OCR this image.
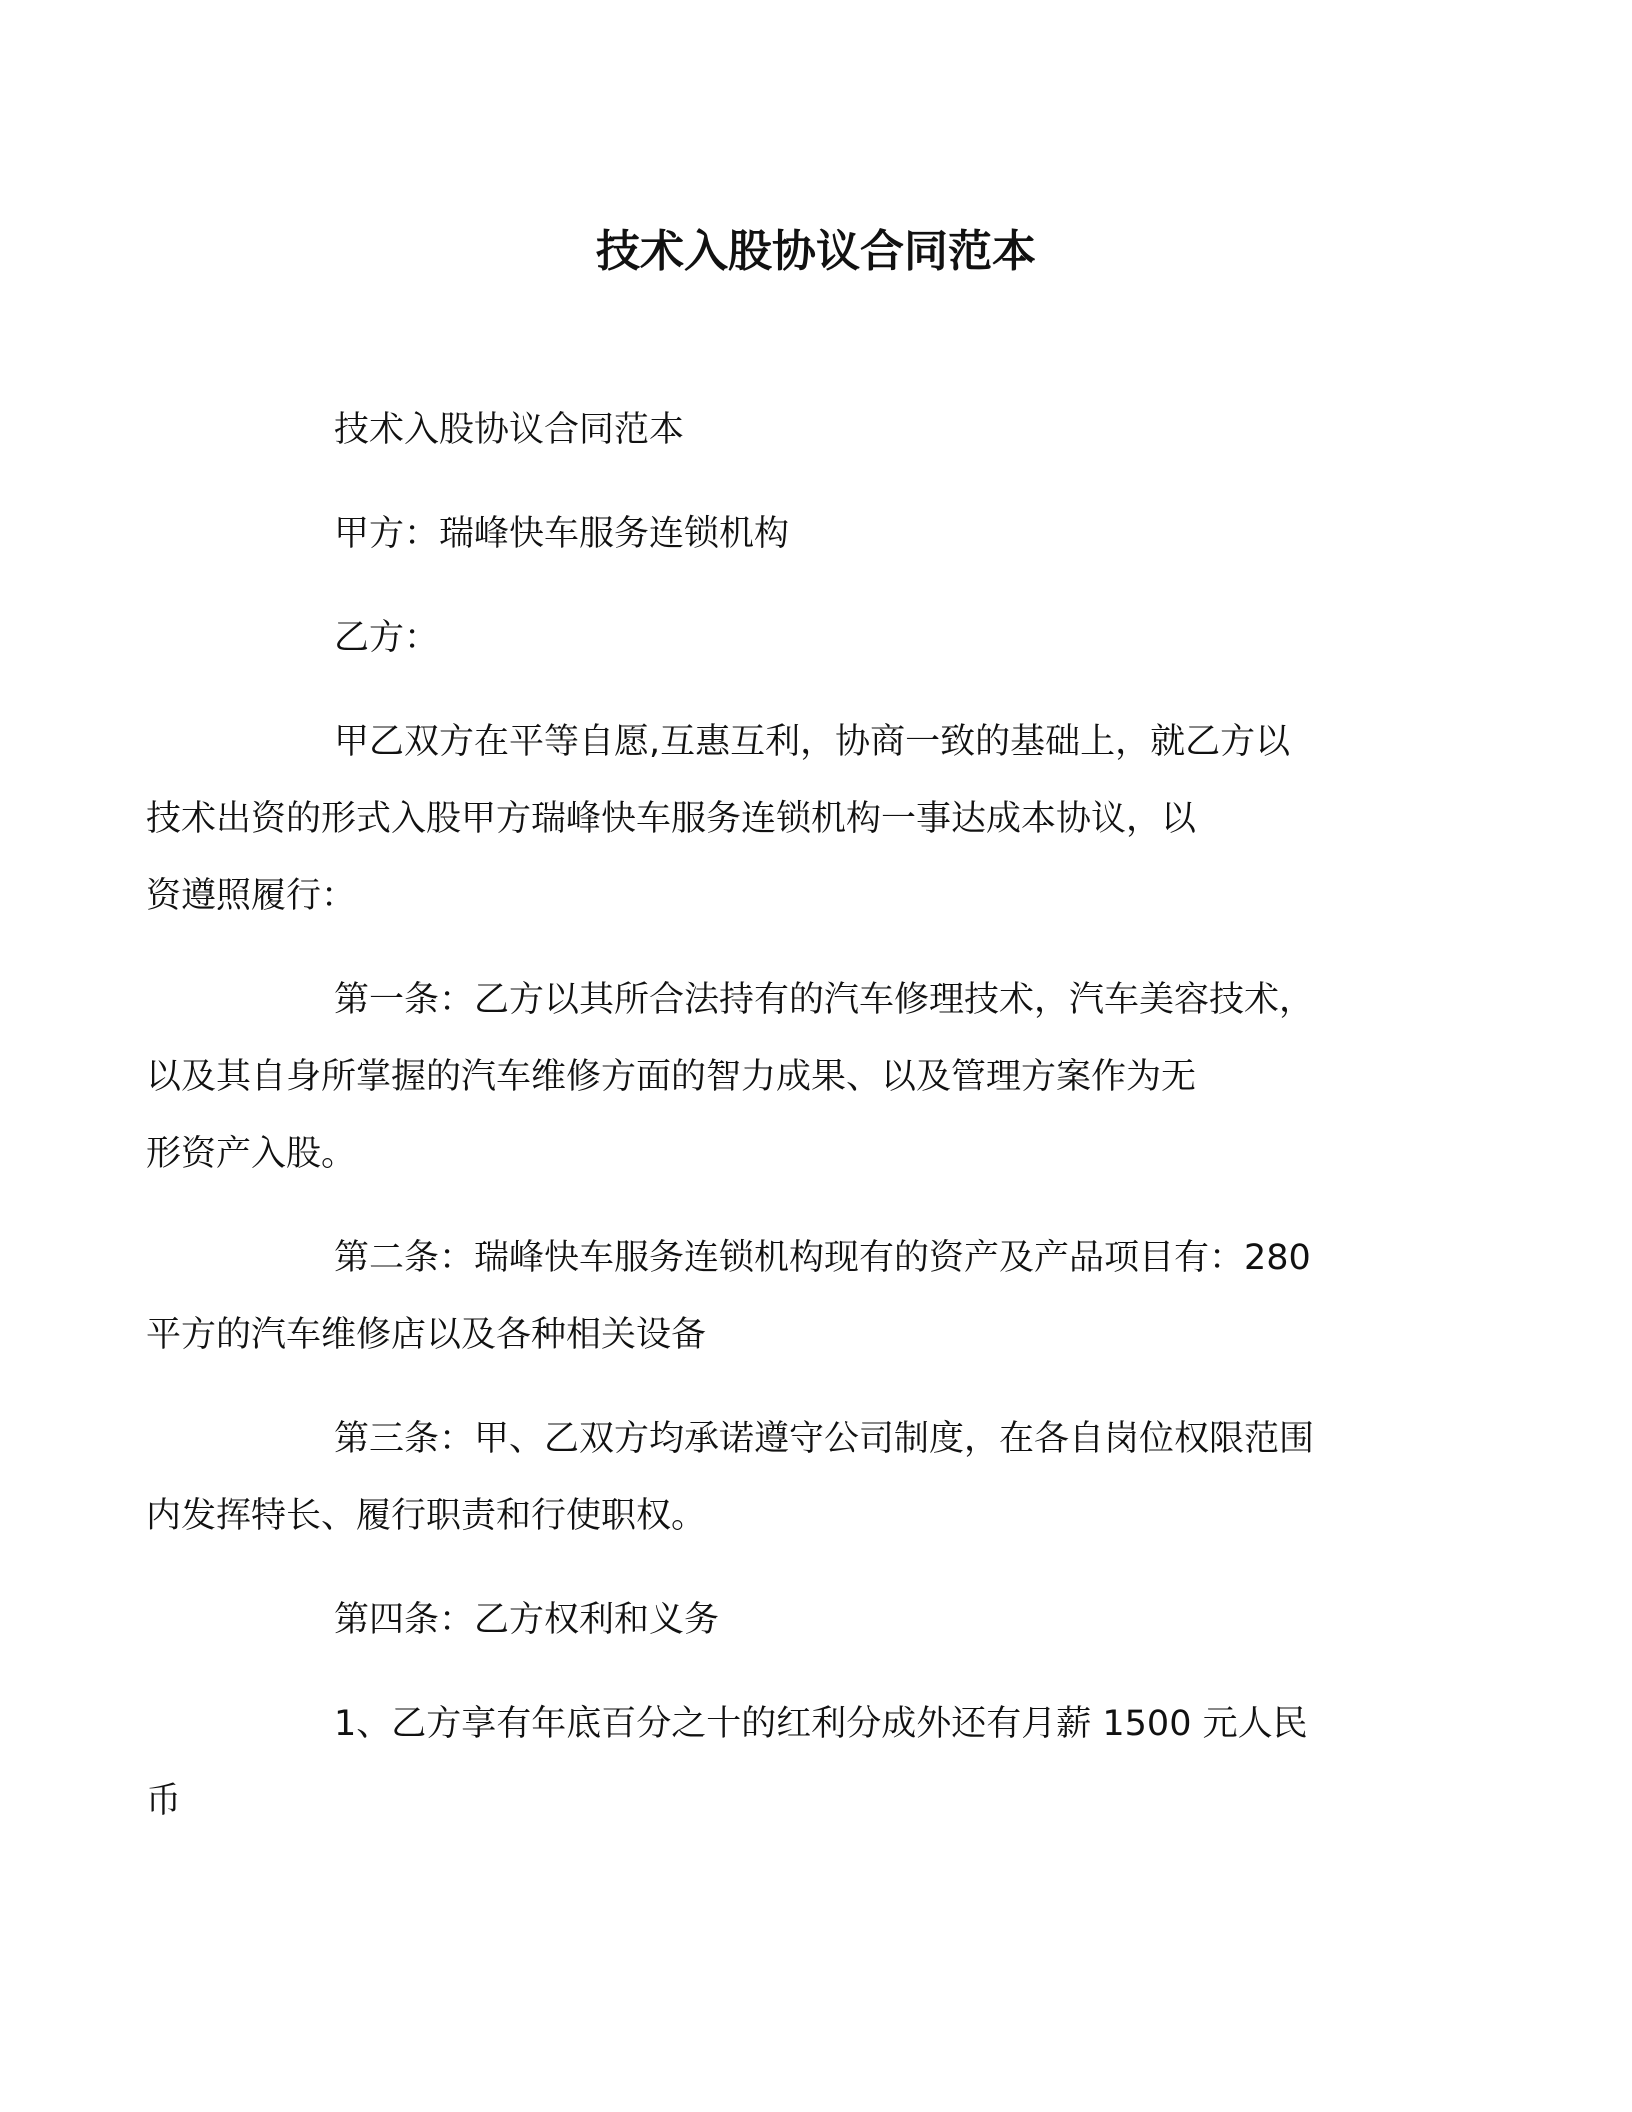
技术入股协议合同范本
技术入股协议合同范本
甲方：瑞峰快车服务连锁机构
乙方：
甲乙双方在平等自愿,互惠互利，协商一致的基础上，就乙方以
技术出资的形式入股甲方瑞峰快车服务连锁机构一事达成本协议，以
资遵照履行：
第一条：乙方以其所合法持有的汽车修理技术，汽车美容技术，
以及其自身所掌握的汽车维修方面的智力成果、以及管理方案作为无
形资产入股。
第二条：瑞峰快车服务连锁机构现有的资产及产品项目有：280
平方的汽车维修店以及各种相关设备
第三条：甲、乙双方均承诺遵守公司制度，在各自岗位权限范围
内发挥特长、履行职责和行使职权。
第四条：乙方权利和义务
1、乙方享有年底百分之十的红利分成外还有月薪 1500 元人民
币
